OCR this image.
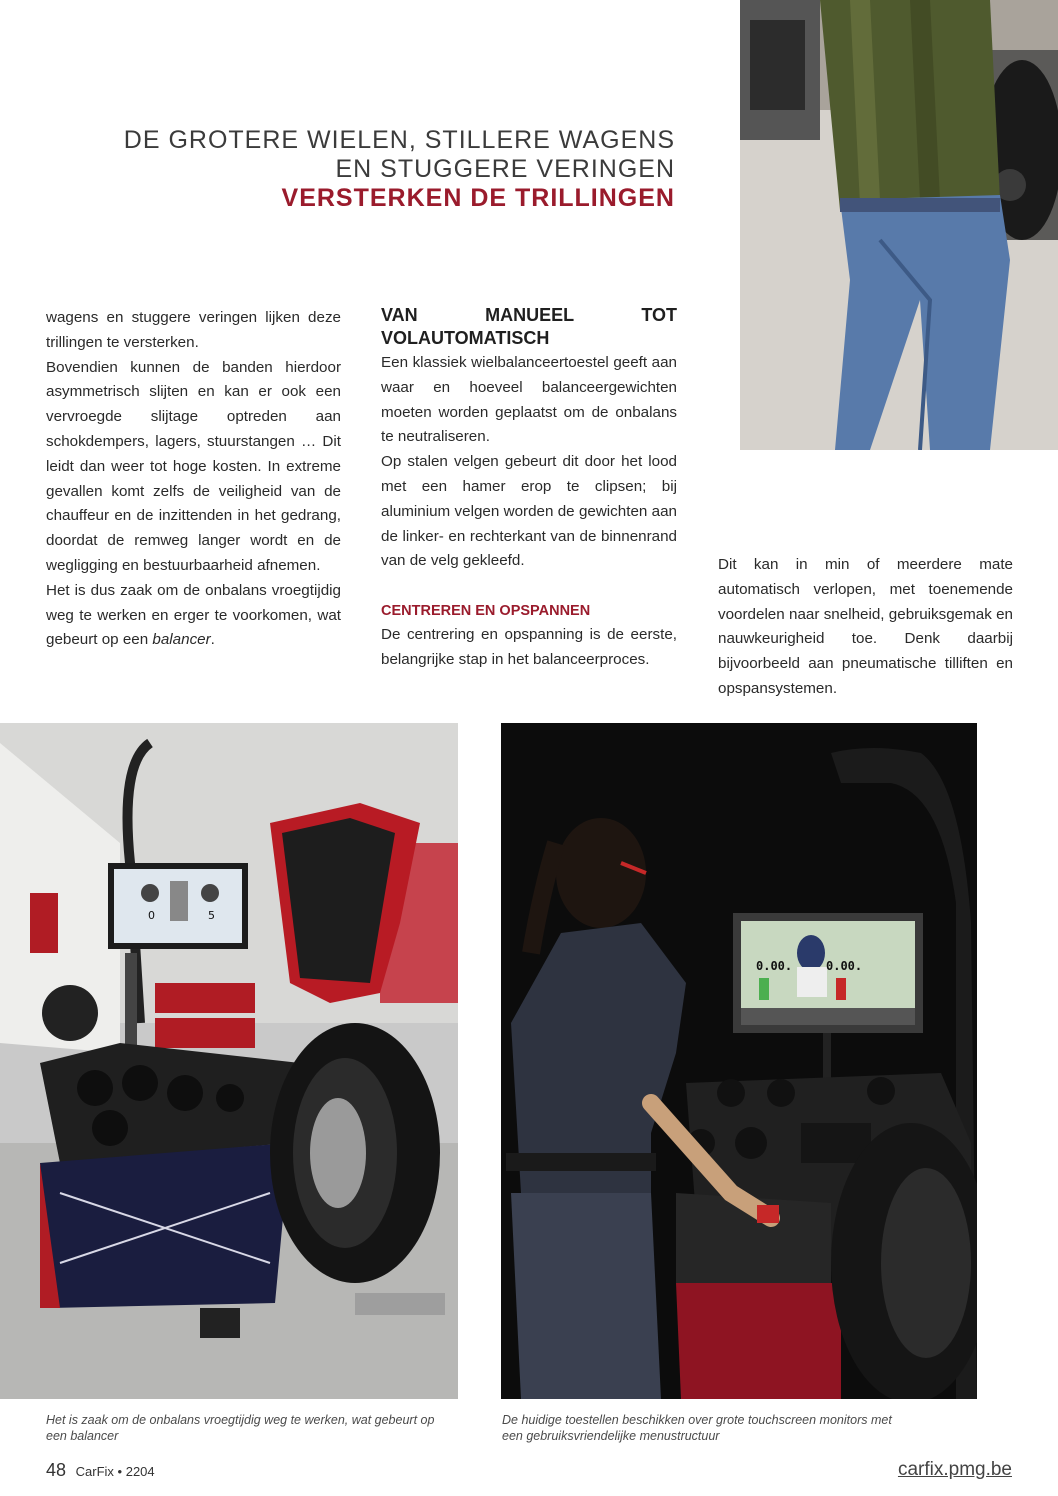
DE GROTERE WIELEN, STILLERE WAGENS
EN STUGGERE VERINGEN
VERSTERKEN DE TRILLINGEN

wagens en stuggere veringen lijken deze trillingen te versterken.

Bovendien kunnen de banden hierdoor asymmetrisch slijten en kan er ook een vervroegde slijtage optreden aan schokdempers, lagers, stuurstangen … Dit leidt dan weer tot hoge kosten. In extreme gevallen komt zelfs de veiligheid van de chauffeur en de inzittenden in het gedrang, doordat de remweg langer wordt en de wegligging en bestuurbaarheid afnemen.

Het is dus zaak om de onbalans vroegtijdig weg te werken en erger te voorkomen, wat gebeurt op een balancer.

VAN MANUEEL TOT VOLAUTOMATISCH

Een klassiek wielbalanceertoestel geeft aan waar en hoeveel balanceergewichten moeten worden geplaatst om de onbalans te neutraliseren.

Op stalen velgen gebeurt dit door het lood met een hamer erop te clipsen; bij aluminium velgen worden de gewichten aan de linker- en rechterkant van de binnenrand van de velg gekleefd.

CENTREREN EN OPSPANNEN

De centrering en opspanning is de eerste, belangrijke stap in het balanceerproces.

Dit kan in min of meerdere mate automatisch verlopen, met toenemende voordelen naar snelheid, gebruiksgemak en nauwkeurigheid toe. Denk daarbij bijvoorbeeld aan pneumatische tilliften en opspansystemen.

0	5
0.00.	0.00.
Het is zaak om de onbalans vroegtijdig weg te werken, wat gebeurt op een balancer
De huidige toestellen beschikken over grote touchscreen monitors met een gebruiksvriendelijke menustructuur
48 CarFix • 2204	carfix.pmg.be
